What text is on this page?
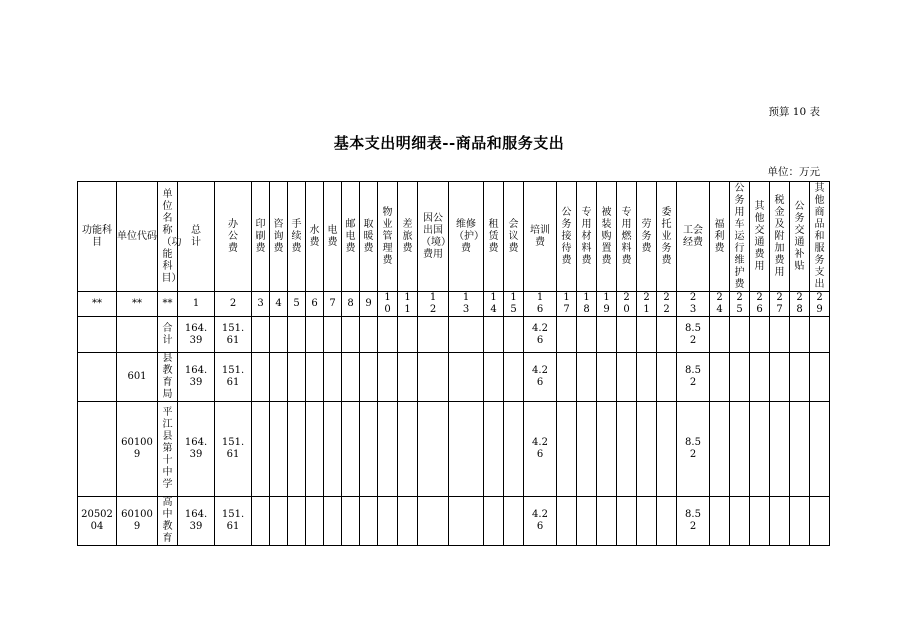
预算 10 表
基本支出明细表--商品和服务支出
单位：万元
功能科目	单位代码	单位名称（功能科目）	总计	办公费	印刷费	咨询费	手续费	水费	电费	邮电费	取暖费	物业管理费	差旅费	因公出国（境）费用	维修（护）费	租赁费	会议费	培训费	公务接待费	专用材料费	被装购置费	专用燃料费	劳务费	委托业务费	工会经费	福利费	公务用车运行维护费	其他交通费用	税金及附加费用	公务交通补贴	其他商品和服务支出
**	**	**	1	2	3	4	5	6	7	8	9	10	11	12	13	14	15	16	17	18	19	20	21	22	23	24	25	26	27	28	29
		合计	164.39	151.61														4.26							8.52						
	601	县教育局	164.39	151.61														4.26							8.52						
	601009	平江县第十中学	164.39	151.61														4.26							8.52						
2050204	601009	高中教育	164.39	151.61														4.26							8.52						
